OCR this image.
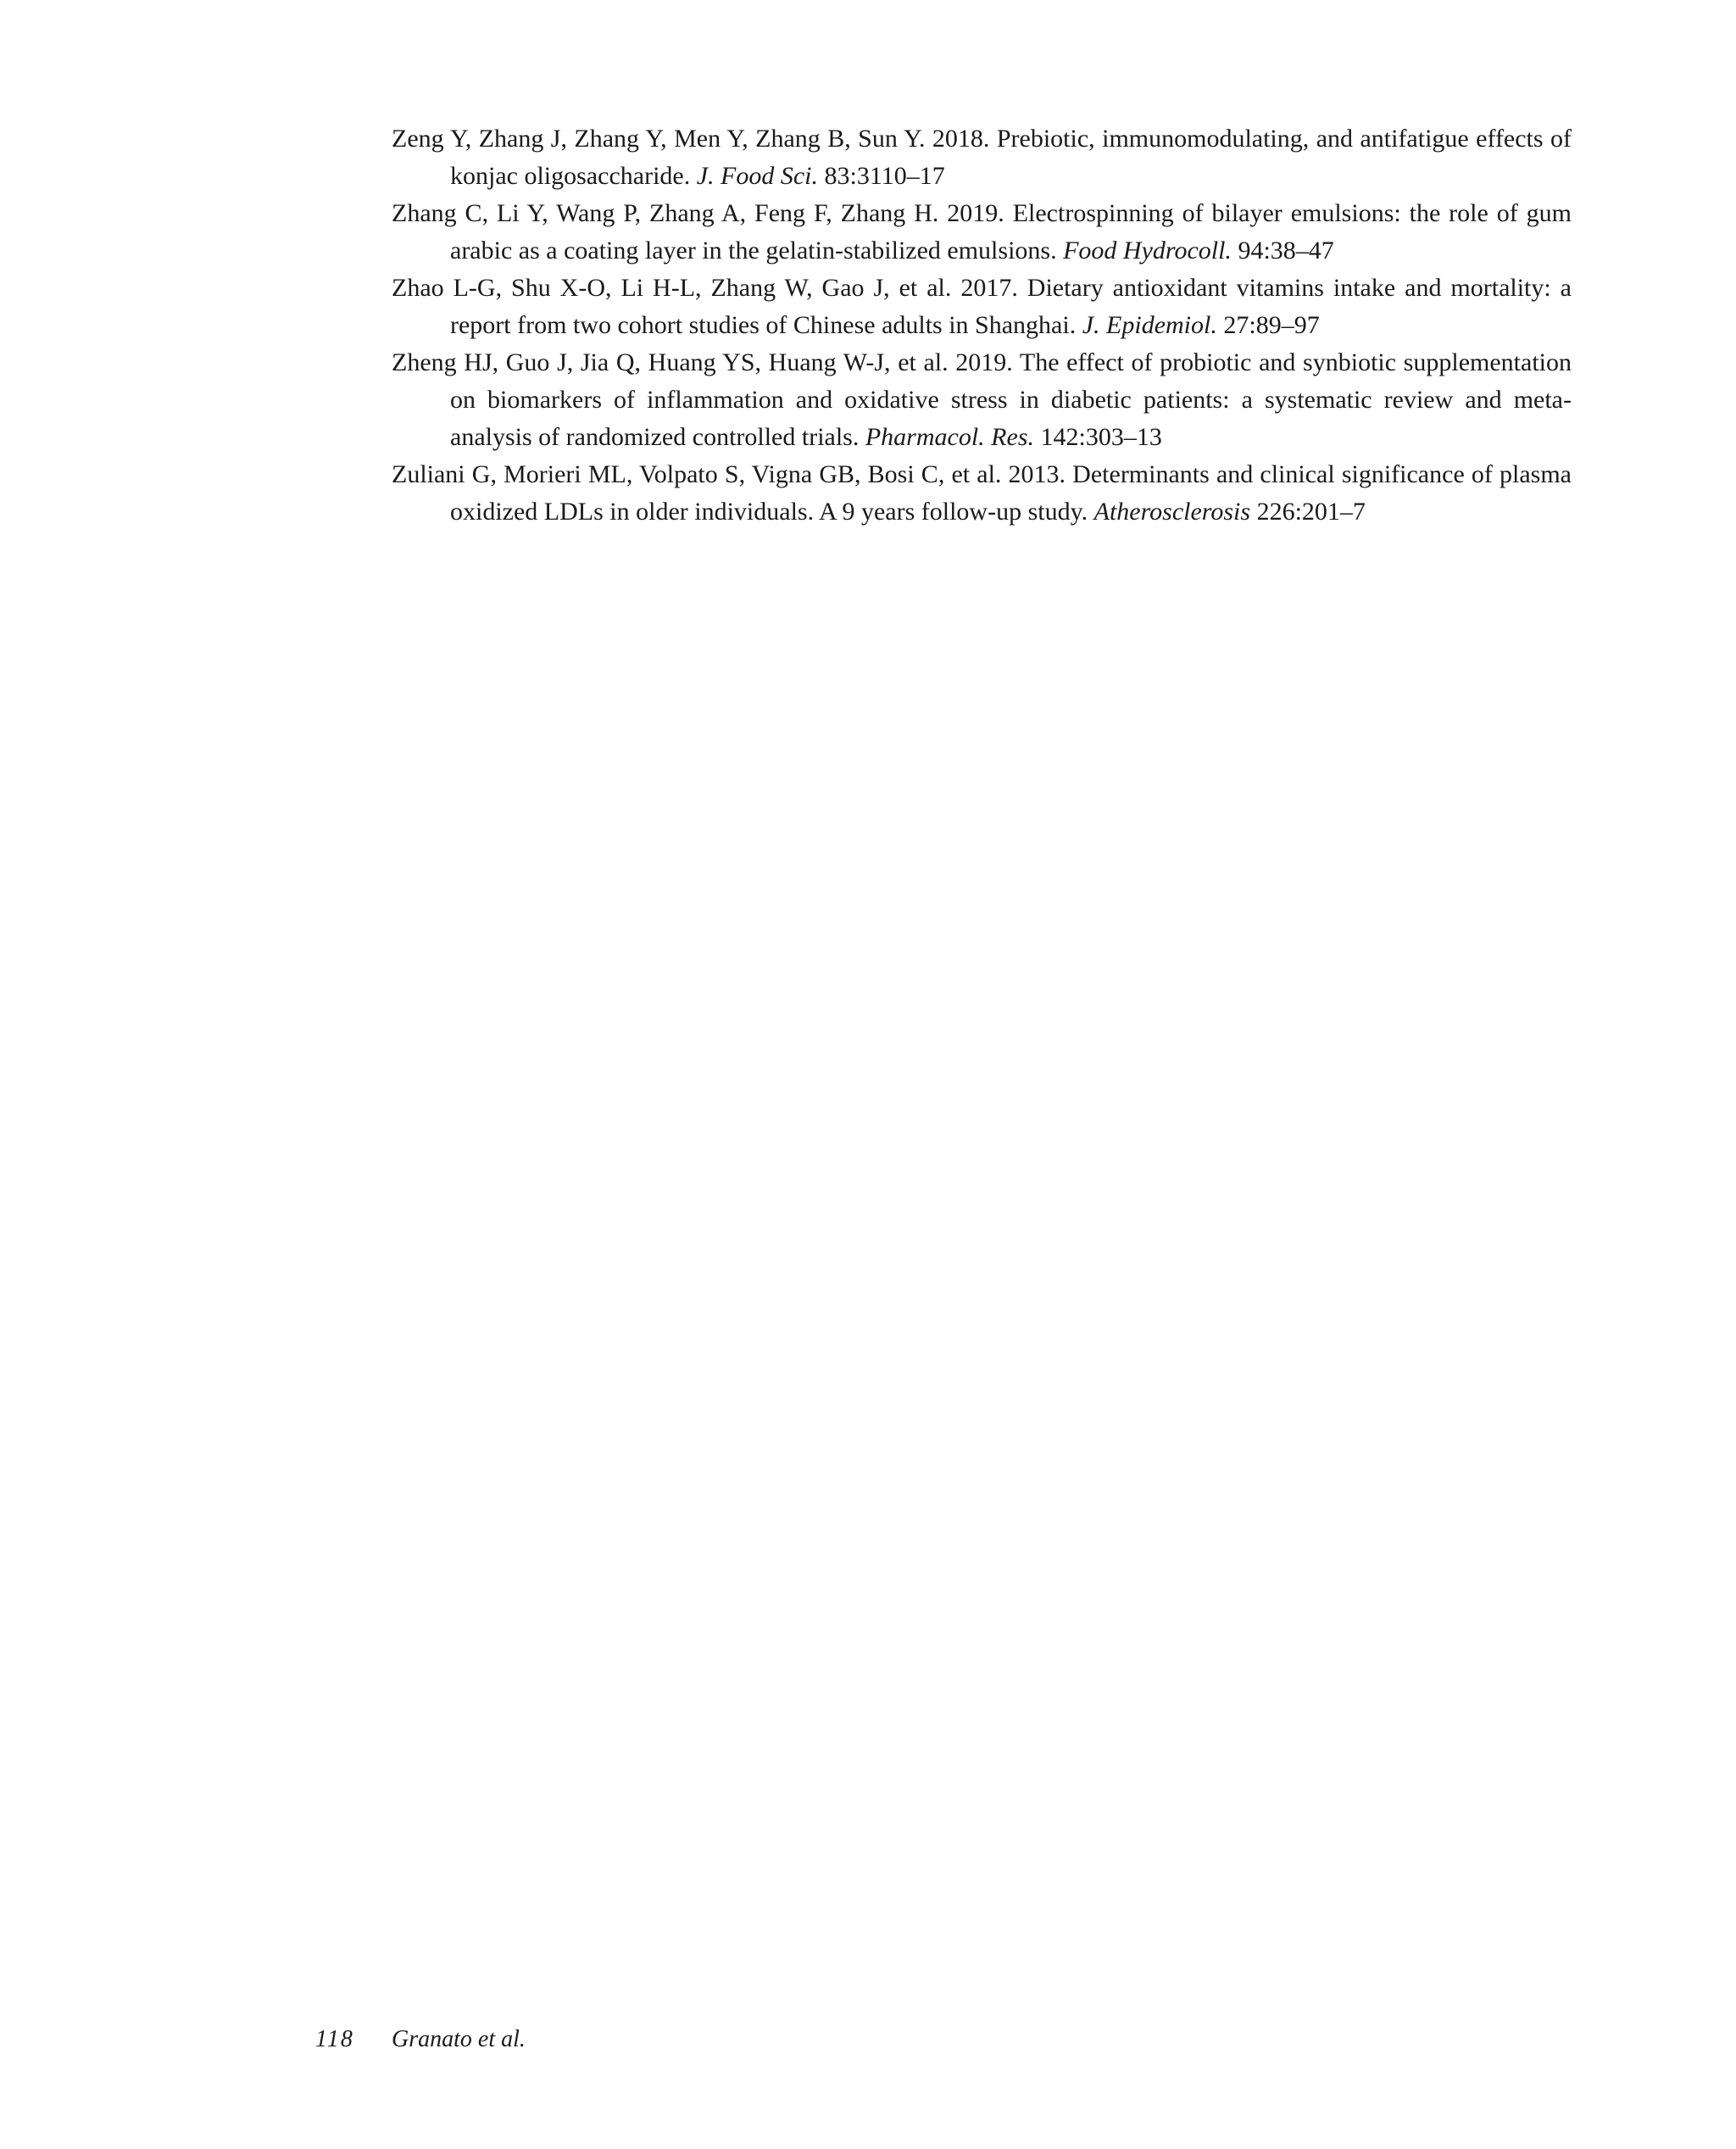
Zeng Y, Zhang J, Zhang Y, Men Y, Zhang B, Sun Y. 2018. Prebiotic, immunomodulating, and antifatigue effects of konjac oligosaccharide. J. Food Sci. 83:3110–17
Zhang C, Li Y, Wang P, Zhang A, Feng F, Zhang H. 2019. Electrospinning of bilayer emulsions: the role of gum arabic as a coating layer in the gelatin-stabilized emulsions. Food Hydrocoll. 94:38–47
Zhao L-G, Shu X-O, Li H-L, Zhang W, Gao J, et al. 2017. Dietary antioxidant vitamins intake and mortality: a report from two cohort studies of Chinese adults in Shanghai. J. Epidemiol. 27:89–97
Zheng HJ, Guo J, Jia Q, Huang YS, Huang W-J, et al. 2019. The effect of probiotic and synbiotic supplementation on biomarkers of inflammation and oxidative stress in diabetic patients: a systematic review and meta-analysis of randomized controlled trials. Pharmacol. Res. 142:303–13
Zuliani G, Morieri ML, Volpato S, Vigna GB, Bosi C, et al. 2013. Determinants and clinical significance of plasma oxidized LDLs in older individuals. A 9 years follow-up study. Atherosclerosis 226:201–7
118 Granato et al.
